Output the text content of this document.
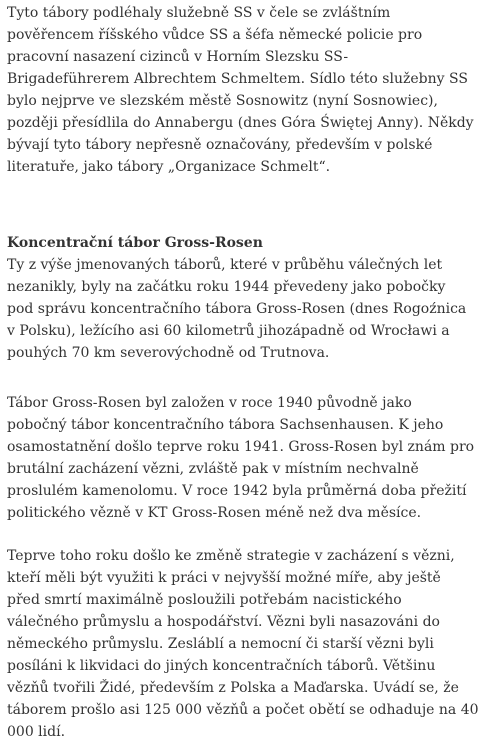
Tyto tábory podléhaly služebně SS v čele se zvláštním
pověřencem říšského vůdce SS a šéfa německé policie pro
pracovní nasazení cizinců v Horním Slezsku SS-
Brigadeführerem Albrechtem Schmeltem. Sídlo této služebny SS
bylo nejprve ve slezském městě Sosnowitz (nyní Sosnowiec),
později přesídlila do Annabergu (dnes Góra Świętej Anny). Někdy
bývají tyto tábory nepřesně označovány, především v polské
literatuře, jako tábory „Organizace Schmelt“.
Koncentrační tábor Gross-Rosen
Ty z výše jmenovaných táborů, které v průběhu válečných let
nezanikly, byly na začátku roku 1944 převedeny jako pobočky
pod správu koncentračního tábora Gross-Rosen (dnes Rogoźnica
v Polsku), ležícího asi 60 kilometrů jihozápadně od Wrocławi a
pouhých 70 km severovýchodně od Trutnova.
Tábor Gross-Rosen byl založen v roce 1940 původně jako
pobočný tábor koncentračního tábora Sachsenhausen. K jeho
osamostatnění došlo teprve roku 1941. Gross-Rosen byl znám pro
brutální zacházení vězni, zvláště pak v místním nechvalně
proslulém kamenolomu. V roce 1942 byla průměrná doba přežití
politického vězně v KT Gross-Rosen méně než dva měsíce.
Teprve toho roku došlo ke změně strategie v zacházení s vězni,
kteří měli být využiti k práci v nejvyšší možné míře, aby ještě
před smrtí maximálně posloužili potřebám nacistického
válečného průmyslu a hospodářství. Vězni byli nasazováni do
německého průmyslu. Zesláblí a nemocní či starší vězni byli
posíláni k likvidaci do jiných koncentračních táborů. Většinu
vězňů tvořili Židé, především z Polska a Maďarska. Uvádí se, že
táborem prošlo asi 125 000 vězňů a počet obětí se odhaduje na 40
000 lidí.
